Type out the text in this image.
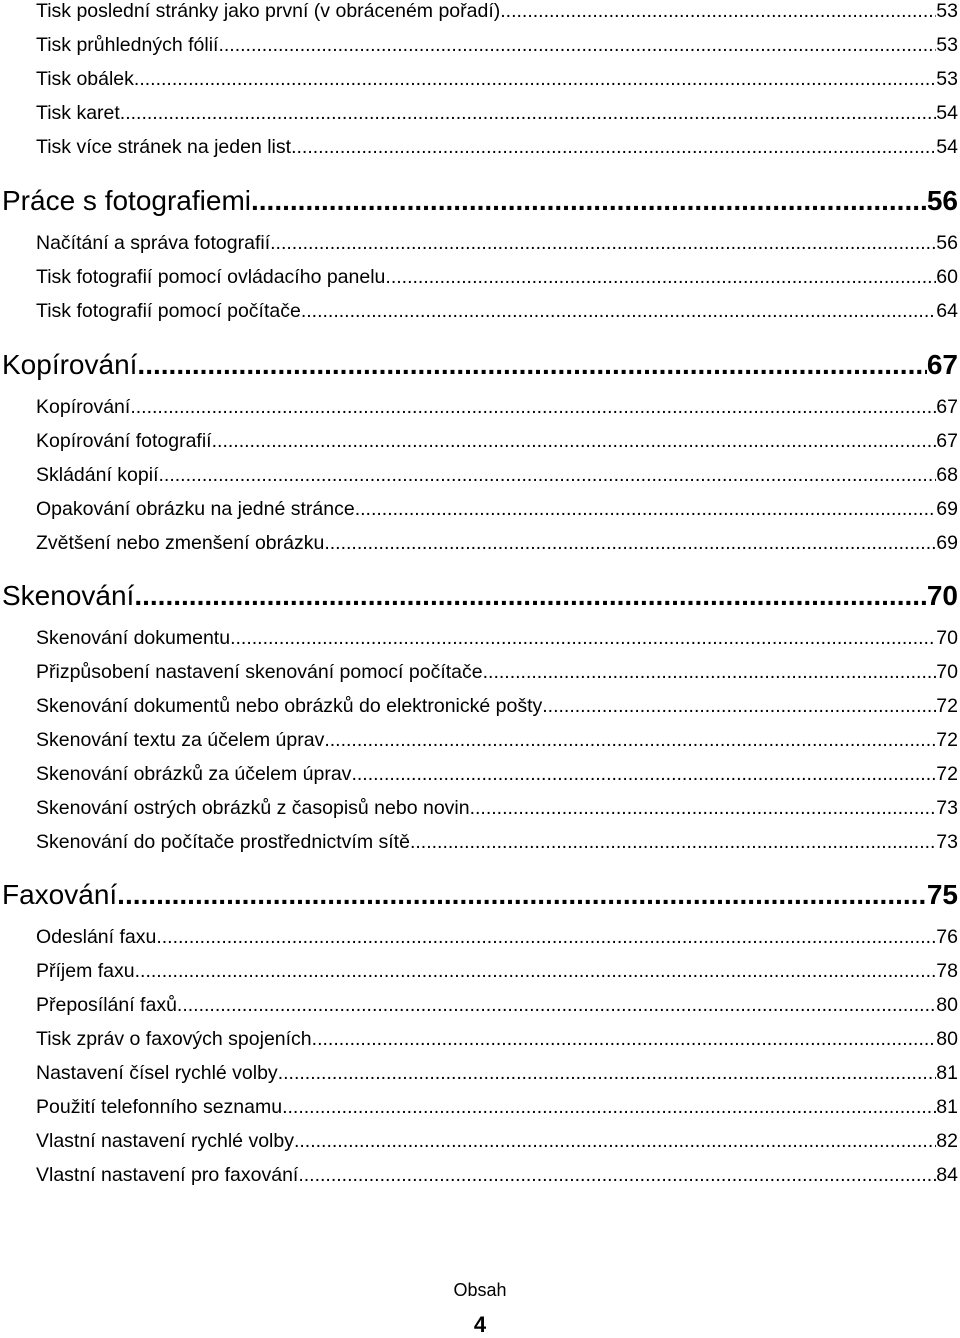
Tisk poslední stránky jako první (v obráceném pořadí) .....	53
Tisk průhledných fólií .....	53
Tisk obálek .....	53
Tisk karet .....	54
Tisk více stránek na jeden list .....	54
Práce s fotografiemi .....	56
Načítání a správa fotografií .....	56
Tisk fotografií pomocí ovládacího panelu .....	60
Tisk fotografií pomocí počítače .....	64
Kopírování .....	67
Kopírování .....	67
Kopírování fotografií .....	67
Skládání kopií .....	68
Opakování obrázku na jedné stránce .....	69
Zvětšení nebo zmenšení obrázku .....	69
Skenování .....	70
Skenování dokumentu .....	70
Přizpůsobení nastavení skenování pomocí počítače .....	70
Skenování dokumentů nebo obrázků do elektronické pošty .....	72
Skenování textu za účelem úprav .....	72
Skenování obrázků za účelem úprav .....	72
Skenování ostrých obrázků z časopisů nebo novin .....	73
Skenování do počítače prostřednictvím sítě .....	73
Faxování .....	75
Odeslání faxu .....	76
Příjem faxu .....	78
Přeposílání faxů .....	80
Tisk zpráv o faxových spojeních .....	80
Nastavení čísel rychlé volby .....	81
Použití telefonního seznamu .....	81
Vlastní nastavení rychlé volby .....	82
Vlastní nastavení pro faxování .....	84
Obsah
4
